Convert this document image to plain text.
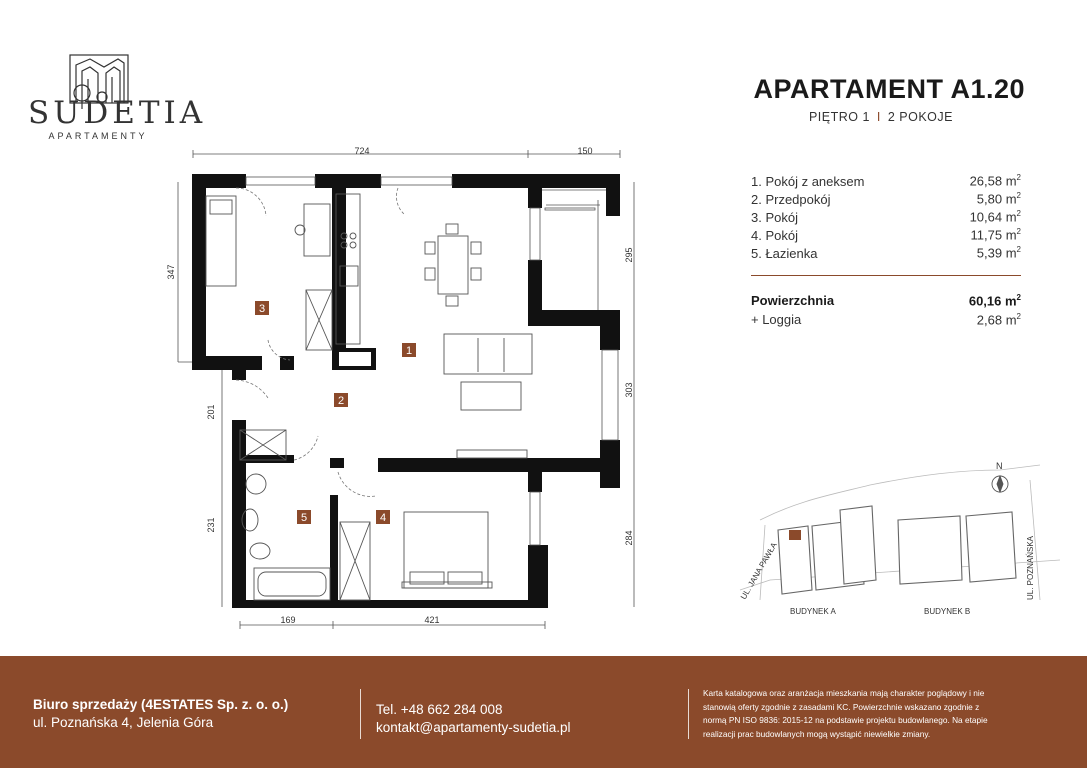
SUDETIA
APARTAMENTY
APARTAMENT A1.20
PIĘTRO 1 I 2 POKOJE
1. Pokój z aneksem	26,58 $m^2$
2. Przedpokój	5,80 $m^2$
3. Pokój	10,64 $m^2$
4. Pokój	11,75 $m^2$
5. Łazienka	5,39 $m^2$
Powierzchnia	60,16 $m^2$
+ Loggia	2,68 $m^2$
724	150
347
201
231
295
303
284
169	421
3
1
2
5	4
N
UL. JANA PAWŁA	UL. POZNAŃSKA
BUDYNEK A	BUDYNEK B
Biuro sprzedaży (4ESTATES Sp. z. o. o.)
ul. Poznańska 4, Jelenia Góra
Tel. +48 662 284 008
kontakt@apartamenty-sudetia.pl
Karta katalogowa oraz aranżacja mieszkania mają charakter poglądowy i nie
stanowią oferty zgodnie z zasadami KC. Powierzchnie wskazano zgodnie z
normą PN ISO 9836: 2015-12 na podstawie projektu budowlanego. Na etapie
realizacji prac budowlanych mogą wystąpić niewielkie zmiany.
